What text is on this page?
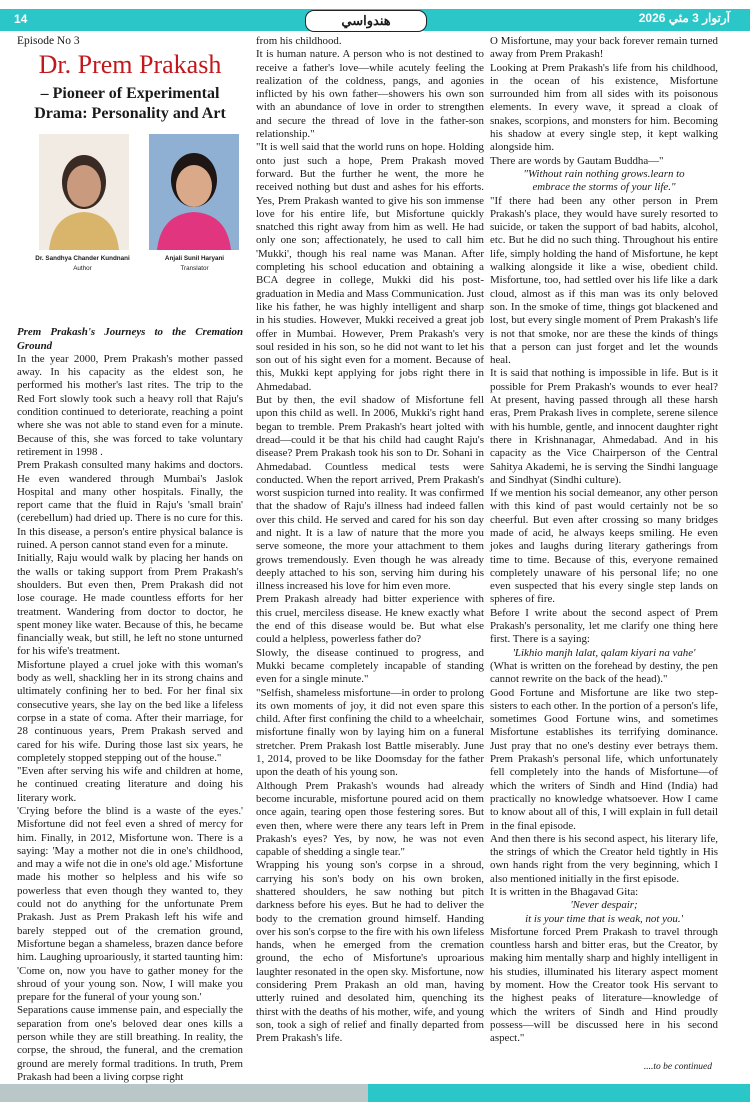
14	هندواسي	آرتوار 3 مئي 2026

Episode No 3

Dr. Prem Prakash
– Pioneer of Experimental Drama: Personality and Art
Dr. Sandhya Chander Kundnani
Author
Anjali Sunil Haryani
Translator

Prem Prakash's Journeys to the Cremation Ground

In the year 2000, Prem Prakash's mother passed away. In his capacity as the eldest son, he performed his mother's last rites. The trip to the Red Fort slowly took such a heavy roll that Raju's condition continued to deteriorate, reaching a point where she was not able to stand even for a minute. Because of this, she was forced to take voluntary retirement in 1998 .

Prem Prakash consulted many hakims and doctors. He even wandered through Mumbai's Jaslok Hospital and many other hospitals. Finally, the report came that the fluid in Raju's 'small brain' (cerebellum) had dried up. There is no cure for this. In this disease, a person's entire physical balance is ruined. A person cannot stand even for a minute.

Initially, Raju would walk by placing her hands on the walls or taking support from Prem Prakash's shoulders. But even then, Prem Prakash did not lose courage. He made countless efforts for her treatment. Wandering from doctor to doctor, he spent money like water. Because of this, he became financially weak, but still, he left no stone unturned for his wife's treatment.

Misfortune played a cruel joke with this woman's body as well, shackling her in its strong chains and ultimately confining her to bed. For her final six consecutive years, she lay on the bed like a lifeless corpse in a state of coma. After their marriage, for 28 continuous years, Prem Prakash served and cared for his wife. During those last six years, he completely stopped stepping out of the house."

"Even after serving his wife and children at home, he continued creating literature and doing his literary work.

'Crying before the blind is a waste of the eyes.' Misfortune did not feel even a shred of mercy for him. Finally, in 2012, Misfortune won. There is a saying: 'May a mother not die in one's childhood, and may a wife not die in one's old age.' Misfortune made his mother so helpless and his wife so powerless that even though they wanted to, they could not do anything for the unfortunate Prem Prakash. Just as Prem Prakash left his wife and barely stepped out of the cremation ground, Misfortune began a shameless, brazen dance before him. Laughing uproariously, it started taunting him: 'Come on, now you have to gather money for the shroud of your young son. Now, I will make you prepare for the funeral of your young son.'

Separations cause immense pain, and especially the separation from one's beloved dear ones kills a person while they are still breathing. In reality, the corpse, the shroud, the funeral, and the cremation ground are merely formal traditions. In truth, Prem Prakash had been a living corpse right

from his childhood.

It is human nature. A person who is not destined to receive a father's love—while acutely feeling the realization of the coldness, pangs, and agonies inflicted by his own father—showers his own son with an abundance of love in order to strengthen and secure the thread of love in the father-son relationship."

"It is well said that the world runs on hope. Holding onto just such a hope, Prem Prakash moved forward. But the further he went, the more he received nothing but dust and ashes for his efforts. Yes, Prem Prakash wanted to give his son immense love for his entire life, but Misfortune quickly snatched this right away from him as well. He had only one son; affectionately, he used to call him 'Mukki', though his real name was Manan. After completing his school education and obtaining a BCA degree in college, Mukki did his post-graduation in Media and Mass Communication. Just like his father, he was highly intelligent and sharp in his studies. However, Mukki received a great job offer in Mumbai. However, Prem Prakash's very soul resided in his son, so he did not want to let his son out of his sight even for a moment. Because of this, Mukki kept applying for jobs right there in Ahmedabad.

But by then, the evil shadow of Misfortune fell upon this child as well. In 2006, Mukki's right hand began to tremble. Prem Prakash's heart jolted with dread—could it be that his child had caught Raju's disease? Prem Prakash took his son to Dr. Sohani in Ahmedabad. Countless medical tests were conducted. When the report arrived, Prem Prakash's worst suspicion turned into reality. It was confirmed that the shadow of Raju's illness had indeed fallen over this child. He served and cared for his son day and night. It is a law of nature that the more you serve someone, the more your attachment to them grows tremendously. Even though he was already deeply attached to his son, serving him during his illness increased his love for him even more.

Prem Prakash already had bitter experience with this cruel, merciless disease. He knew exactly what the end of this disease would be. But what else could a helpless, powerless father do?

Slowly, the disease continued to progress, and Mukki became completely incapable of standing even for a single minute."

"Selfish, shameless misfortune—in order to prolong its own moments of joy, it did not even spare this child. After first confining the child to a wheelchair, misfortune finally won by laying him on a funeral stretcher. Prem Prakash lost Battle miserably. June 1, 2014, proved to be like Doomsday for the father upon the death of his young son.

Although Prem Prakash's wounds had already become incurable, misfortune poured acid on them once again, tearing open those festering sores. But even then, where were there any tears left in Prem Prakash's eyes? Yes, by now, he was not even capable of shedding a single tear."

Wrapping his young son's corpse in a shroud, carrying his son's body on his own broken, shattered shoulders, he saw nothing but pitch darkness before his eyes. But he had to deliver the body to the cremation ground himself. Handing over his son's corpse to the fire with his own lifeless hands, when he emerged from the cremation ground, the echo of Misfortune's uproarious laughter resonated in the open sky. Misfortune, now considering Prem Prakash an old man, having utterly ruined and desolated him, quenching its thirst with the deaths of his mother, wife, and young son, took a sigh of relief and finally departed from Prem Prakash's life.

O Misfortune, may your back forever remain turned away from Prem Prakash!

Looking at Prem Prakash's life from his childhood, in the ocean of his existence, Misfortune surrounded him from all sides with its poisonous elements. In every wave, it spread a cloak of snakes, scorpions, and monsters for him. Becoming his shadow at every single step, it kept walking alongside him.

There are words by Gautam Buddha—"

"Without rain nothing grows.learn to

embrace the storms of your life."

"If there had been any other person in Prem Prakash's place, they would have surely resorted to suicide, or taken the support of bad habits, alcohol, etc. But he did no such thing. Throughout his entire life, simply holding the hand of Misfortune, he kept walking alongside it like a wise, obedient child. Misfortune, too, had settled over his life like a dark cloud, almost as if this man was its only beloved son. In the smoke of time, things got blackened and lost, but every single moment of Prem Prakash's life is not that smoke, nor are these the kinds of things that a person can just forget and let the wounds heal.

It is said that nothing is impossible in life. But is it possible for Prem Prakash's wounds to ever heal? At present, having passed through all these harsh eras, Prem Prakash lives in complete, serene silence with his humble, gentle, and innocent daughter right there in Krishnanagar, Ahmedabad. And in his capacity as the Vice Chairperson of the Central Sahitya Akademi, he is serving the Sindhi language and Sindhyat (Sindhi culture).

If we mention his social demeanor, any other person with this kind of past would certainly not be so cheerful. But even after crossing so many bridges made of acid, he always keeps smiling. He even jokes and laughs during literary gatherings from time to time. Because of this, everyone remained completely unaware of his personal life; no one even suspected that his every single step lands on spheres of fire.

Before I write about the second aspect of Prem Prakash's personality, let me clarify one thing here first. There is a saying:

'Likhio manjh lalat, qalam kiyari na vahe'

(What is written on the forehead by destiny, the pen cannot rewrite on the back of the head)."

Good Fortune and Misfortune are like two step-sisters to each other. In the portion of a person's life, sometimes Good Fortune wins, and sometimes Misfortune establishes its terrifying dominance. Just pray that no one's destiny ever betrays them. Prem Prakash's personal life, which unfortunately fell completely into the hands of Misfortune—of which the writers of Sindh and Hind (India) had practically no knowledge whatsoever. How I came to know about all of this, I will explain in full detail in the final episode.

And then there is his second aspect, his literary life, the strings of which the Creator held tightly in His own hands right from the very beginning, which I also mentioned initially in the first episode.

It is written in the Bhagavad Gita:

'Never despair;

it is your time that is weak, not you.'

Misfortune forced Prem Prakash to travel through countless harsh and bitter eras, but the Creator, by making him mentally sharp and highly intelligent in his studies, illuminated his literary aspect moment by moment. How the Creator took His servant to the highest peaks of literature—knowledge of which the writers of Sindh and Hind proudly possess—will be discussed here in his second aspect."

....to be continued
